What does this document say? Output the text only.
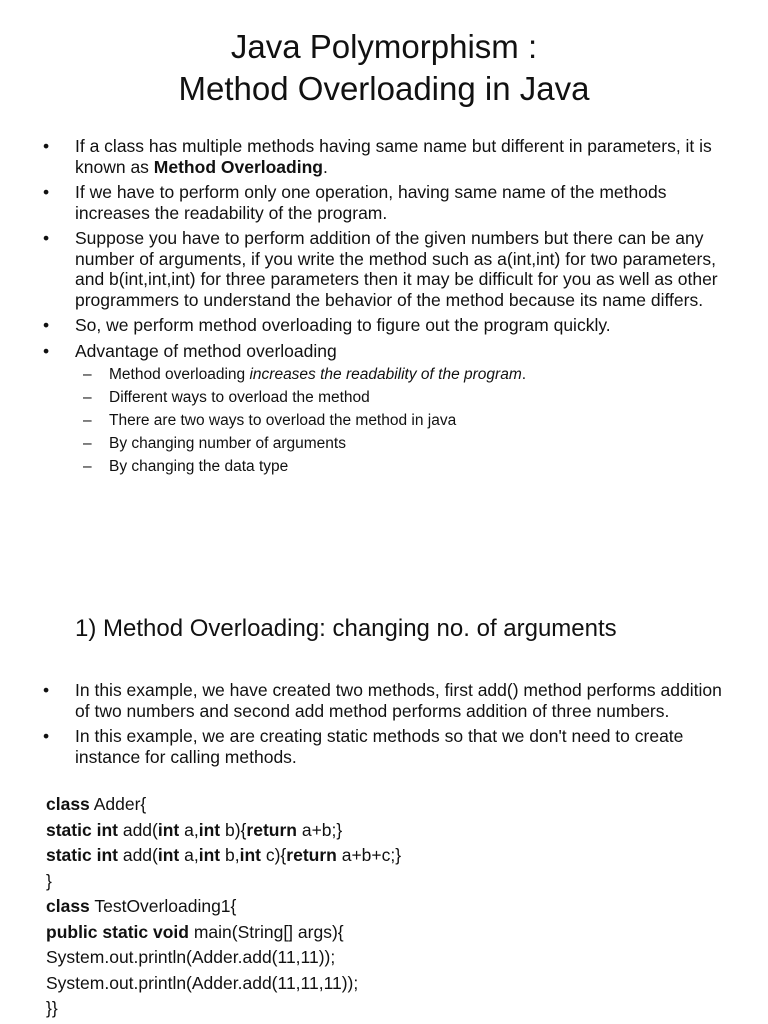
Java Polymorphism :
Method Overloading in Java
• If a class has multiple methods having same name but different in parameters, it is known as Method Overloading.
• If we have to perform only one operation, having same name of the methods increases the readability of the program.
• Suppose you have to perform addition of the given numbers but there can be any number of arguments, if you write the method such as a(int,int) for two parameters, and b(int,int,int) for three parameters then it may be difficult for you as well as other programmers to understand the behavior of the method because its name differs.
• So, we perform method overloading to figure out the program quickly.
• Advantage of method overloading
– Method overloading increases the readability of the program.
– Different ways to overload the method
– There are two ways to overload the method in java
– By changing number of arguments
– By changing the data type
1) Method Overloading: changing no. of arguments
• In this example, we have created two methods, first add() method performs addition of two numbers and second add method performs addition of three numbers.
• In this example, we are creating static methods so that we don't need to create instance for calling methods.
class Adder{
static int add(int a,int b){return a+b;}
static int add(int a,int b,int c){return a+b+c;}
}
class TestOverloading1{
public static void main(String[] args){
System.out.println(Adder.add(11,11));
System.out.println(Adder.add(11,11,11));
}}
